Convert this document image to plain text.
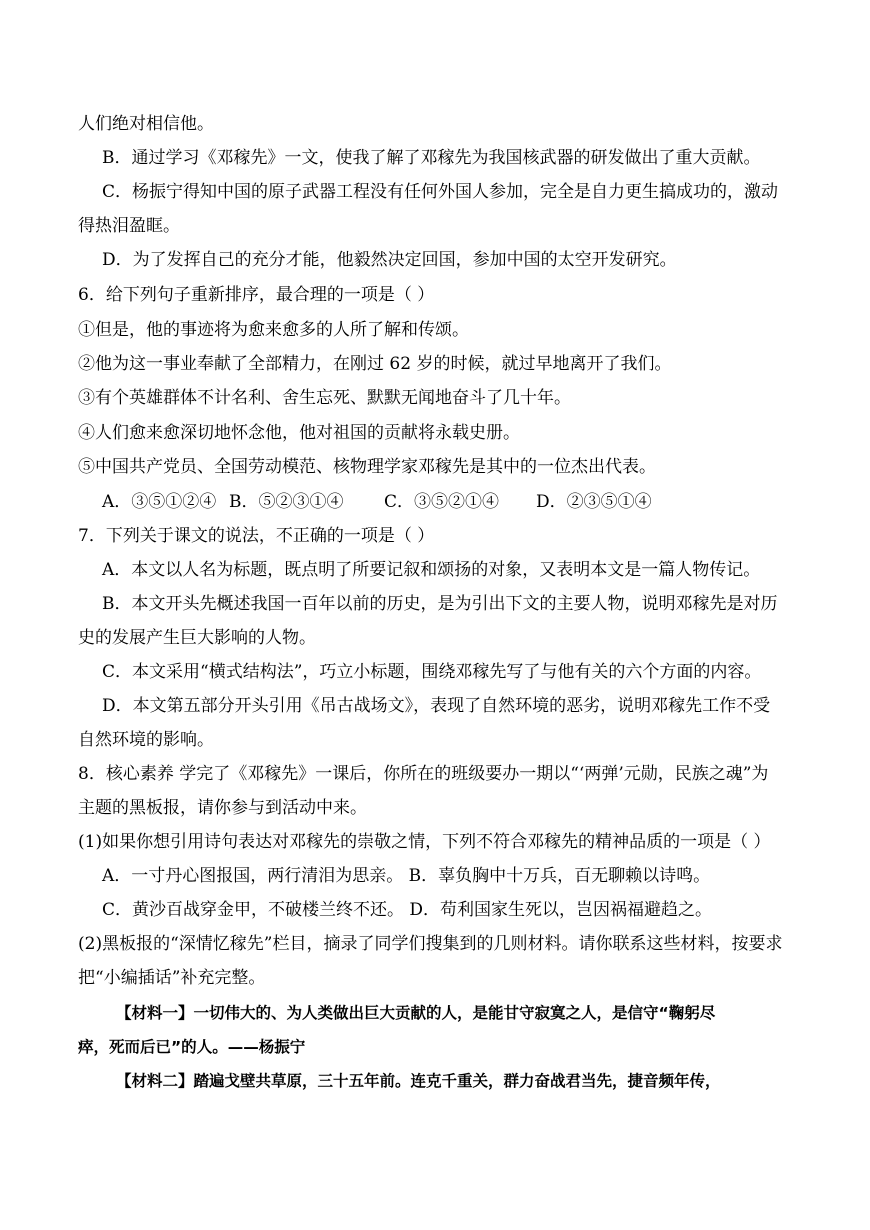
人们绝对相信他。
B．通过学习《邓稼先》一文，使我了解了邓稼先为我国核武器的研发做出了重大贡献。
C．杨振宁得知中国的原子武器工程没有任何外国人参加，完全是自力更生搞成功的，激动
得热泪盈眶。
D．为了发挥自己的充分才能，他毅然决定回国，参加中国的太空开发研究。
6．给下列句子重新排序，最合理的一项是（ ）
①但是，他的事迹将为愈来愈多的人所了解和传颂。
②他为这一事业奉献了全部精力，在刚过 62 岁的时候，就过早地离开了我们。
③有个英雄群体不计名利、舍生忘死、默默无闻地奋斗了几十年。
④人们愈来愈深切地怀念他，他对祖国的贡献将永载史册。
⑤中国共产党员、全国劳动模范、核物理学家邓稼先是其中的一位杰出代表。
A．③⑤①②④ B．⑤②③①④ C．③⑤②①④ D．②③⑤①④
7．下列关于课文的说法，不正确的一项是（ ）
A．本文以人名为标题，既点明了所要记叙和颂扬的对象，又表明本文是一篇人物传记。
B．本文开头先概述我国一百年以前的历史，是为引出下文的主要人物，说明邓稼先是对历
史的发展产生巨大影响的人物。
C．本文采用“横式结构法”，巧立小标题，围绕邓稼先写了与他有关的六个方面的内容。
D．本文第五部分开头引用《吊古战场文》，表现了自然环境的恶劣，说明邓稼先工作不受
自然环境的影响。
8．核心素养 学完了《邓稼先》一课后，你所在的班级要办一期以“‘两弹’元勋，民族之魂”为
主题的黑板报，请你参与到活动中来。
(1)如果你想引用诗句表达对邓稼先的崇敬之情，下列不符合邓稼先的精神品质的一项是（ ）
A．一寸丹心图报国，两行清泪为思亲。 B．辜负胸中十万兵，百无聊赖以诗鸣。
C．黄沙百战穿金甲，不破楼兰终不还。 D．苟利国家生死以，岂因祸福避趋之。
(2)黑板报的“深情忆稼先”栏目，摘录了同学们搜集到的几则材料。请你联系这些材料，按要求
把“小编插话”补充完整。
【材料一】一切伟大的、为人类做出巨大贡献的人，是能甘守寂寞之人，是信守“鞠躬尽
瘁，死而后已”的人。——杨振宁
【材料二】踏遍戈壁共草原，三十五年前。连克千重关，群力奋战君当先，捷音频年传，
